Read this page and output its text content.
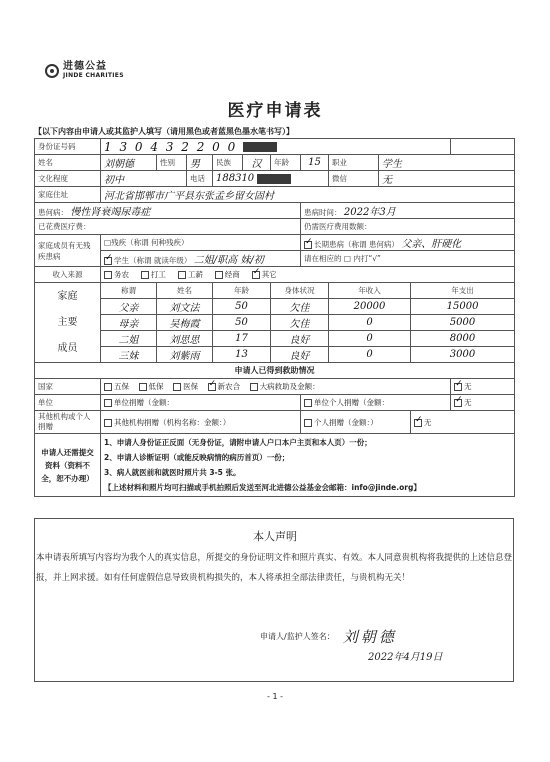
进德公益
JINDE CHARITIES
医疗申请表
【以下内容由申请人或其监护人填写（请用黑色或者蓝黑色墨水笔书写）】
身份证号码	1 3 0 4 3 2 2 0 0										
姓名	刘朝德	性别	男	民族	汉	年龄	15	职业	学生		
文化程度	初中		电话	188310				微信	无		
家庭住址	河北省邯郸市广平县东张孟乡留女固村										
患何病： 慢性肾衰竭尿毒症							患病时间： 2022年3月				
已花费医疗费：							仍需医疗费用数额：				
家庭成员有无残疾患病	□残疾（称谓 何种残疾）	✓长期患病（称谓 患何病） 父亲、肝硬化
✓学生（称谓 就读年级） 二姐/职高 妹/初						请在相应的 □ 内打“√”				
收入来源	务农 打工 工薪 经商 ✓ 其它
家庭
主要
成员	称谓	姓名		年龄		身体状况		年收入		年支出	
	父亲	刘文法		50		欠佳		20000		15000	
	母亲	吴梅霞		50		欠佳		0		5000	
	二姐	刘思思		17		良好		0		8000	
	三妹	刘紫雨		13		良好		0		3000	
申请人已得到救助情况											
国家	五保 低保 医保 ✓ 新农合 大病救助及金额：	✓无
单位	单位捐赠（金额：						单位个人捐赠（金额：	✓无
其他机构或个人捐赠	其他机构捐赠（机构名称：金额：）						个人捐赠（金额：）	✓无
申请人还需提交资料（资料不全，恕不办理）	1、申请人身份证正反面（无身份证，请附申请人户口本户主页和本人页）一份；
2、申请人诊断证明（或能反映病情的病历首页）一份；
3、病人就医前和就医时照片共 3-5 张。
【上述材料和照片均可扫描或手机拍照后发送至河北进德公益基金会邮箱：info@jinde.org】										
本人声明
本申请表所填写内容均为我个人的真实信息，所提交的身份证明文件和照片真实、有效。本人同意贵机构将我提供的上述信息登报，并上网求援。如有任何虚假信息导致贵机构损失的，本人将承担全部法律责任，与贵机构无关！
申请人/监护人签名： 刘朝德
2022年4月19日
- 1 -
